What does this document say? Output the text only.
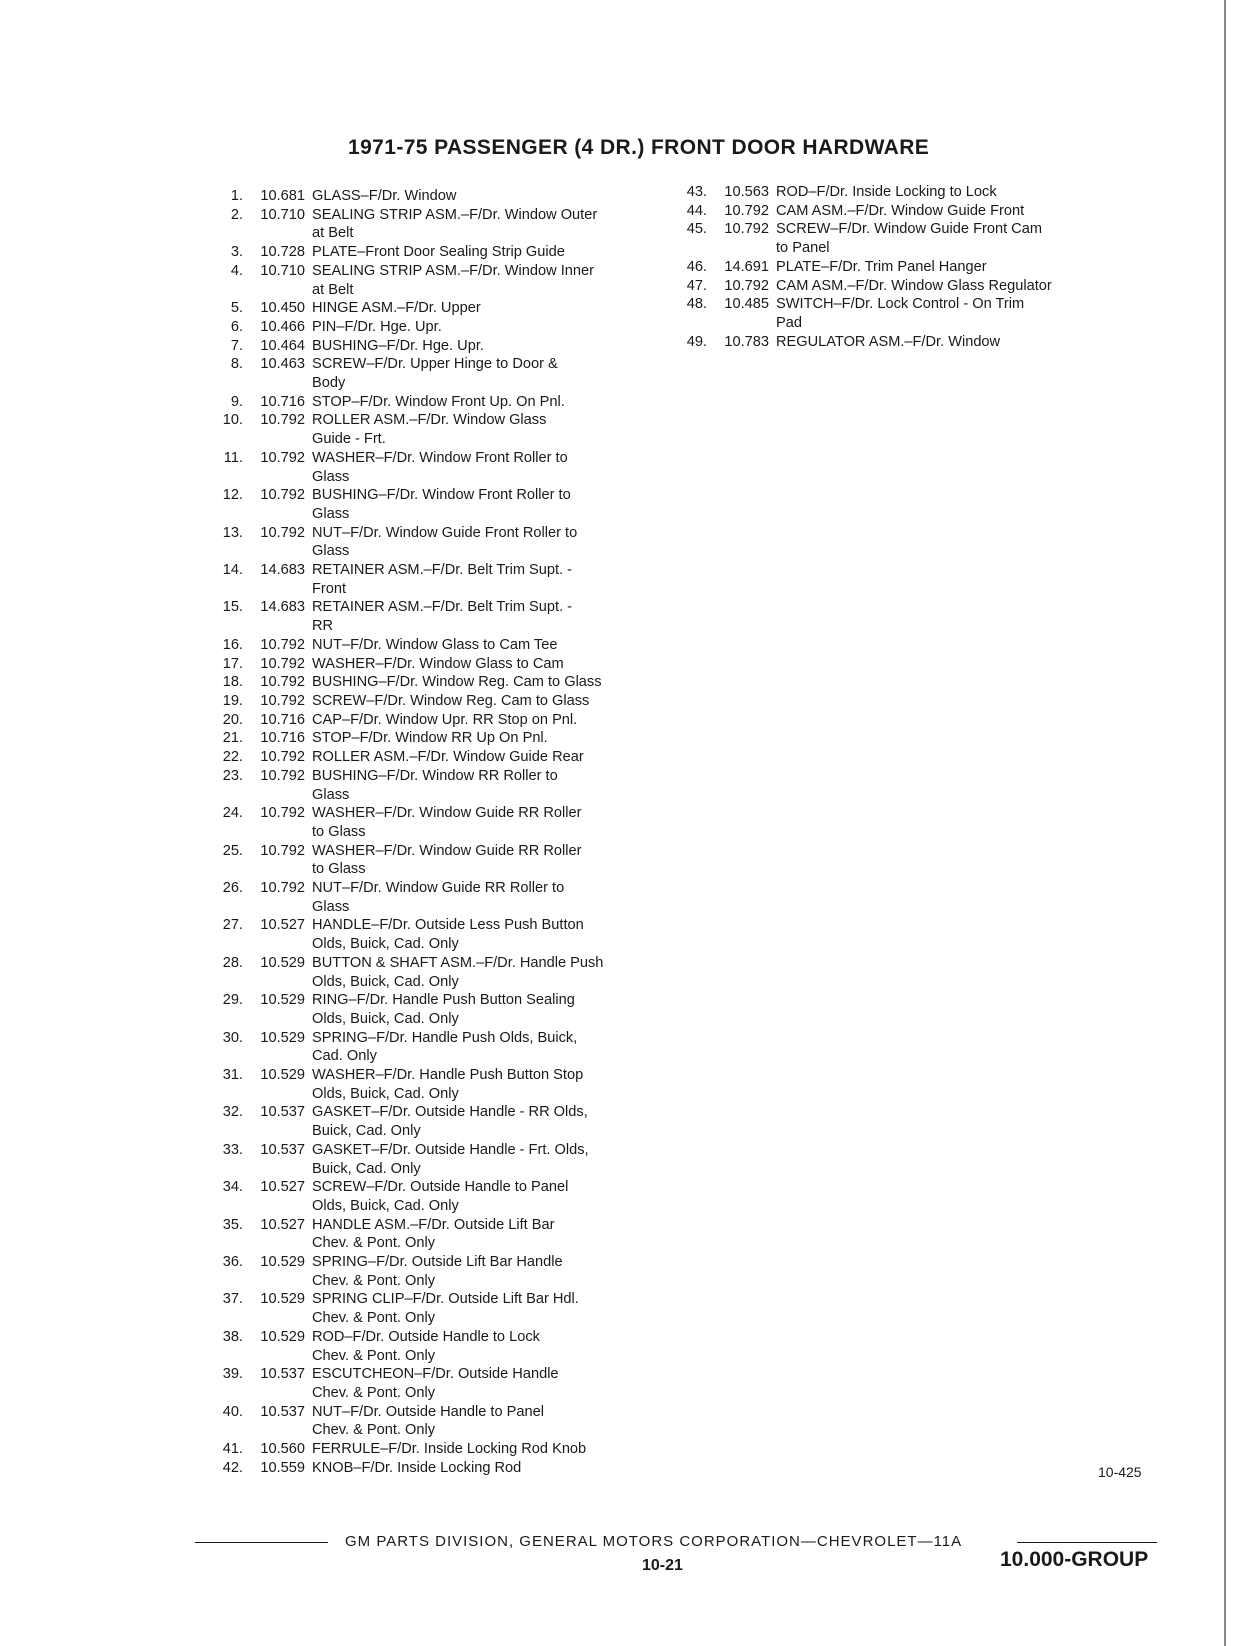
1971-75 PASSENGER (4 DR.) FRONT DOOR HARDWARE
1.	10.681 GLASS–F/Dr. Window
2.	10.710 SEALING STRIP ASM.–F/Dr. Window Outer
at Belt
3.	10.728 PLATE–Front Door Sealing Strip Guide
4.	10.710 SEALING STRIP ASM.–F/Dr. Window Inner
at Belt
5.	10.450 HINGE ASM.–F/Dr. Upper
6.	10.466 PIN–F/Dr. Hge. Upr.
7.	10.464 BUSHING–F/Dr. Hge. Upr.
8.	10.463 SCREW–F/Dr. Upper Hinge to Door &
Body
9.	10.716 STOP–F/Dr. Window Front Up. On Pnl.
10.	10.792 ROLLER ASM.–F/Dr. Window Glass
Guide - Frt.
11.	10.792 WASHER–F/Dr. Window Front Roller to
Glass
12.	10.792 BUSHING–F/Dr. Window Front Roller to
Glass
13.	10.792 NUT–F/Dr. Window Guide Front Roller to
Glass
14.	14.683 RETAINER ASM.–F/Dr. Belt Trim Supt. -
Front
15.	14.683 RETAINER ASM.–F/Dr. Belt Trim Supt. -
RR
16.	10.792 NUT–F/Dr. Window Glass to Cam Tee
17.	10.792 WASHER–F/Dr. Window Glass to Cam
18.	10.792 BUSHING–F/Dr. Window Reg. Cam to Glass
19.	10.792 SCREW–F/Dr. Window Reg. Cam to Glass
20.	10.716 CAP–F/Dr. Window Upr. RR Stop on Pnl.
21.	10.716 STOP–F/Dr. Window RR Up On Pnl.
22.	10.792 ROLLER ASM.–F/Dr. Window Guide Rear
23.	10.792 BUSHING–F/Dr. Window RR Roller to
Glass
24.	10.792 WASHER–F/Dr. Window Guide RR Roller
to Glass
25.	10.792 WASHER–F/Dr. Window Guide RR Roller
to Glass
26.	10.792 NUT–F/Dr. Window Guide RR Roller to
Glass
27.	10.527 HANDLE–F/Dr. Outside Less Push Button
Olds, Buick, Cad. Only
28.	10.529 BUTTON & SHAFT ASM.–F/Dr. Handle Push
Olds, Buick, Cad. Only
29.	10.529 RING–F/Dr. Handle Push Button Sealing
Olds, Buick, Cad. Only
30.	10.529 SPRING–F/Dr. Handle Push Olds, Buick,
Cad. Only
31.	10.529 WASHER–F/Dr. Handle Push Button Stop
Olds, Buick, Cad. Only
32.	10.537 GASKET–F/Dr. Outside Handle - RR Olds,
Buick, Cad. Only
33.	10.537 GASKET–F/Dr. Outside Handle - Frt. Olds,
Buick, Cad. Only
34.	10.527 SCREW–F/Dr. Outside Handle to Panel
Olds, Buick, Cad. Only
35.	10.527 HANDLE ASM.–F/Dr. Outside Lift Bar
Chev. & Pont. Only
36.	10.529 SPRING–F/Dr. Outside Lift Bar Handle
Chev. & Pont. Only
37.	10.529 SPRING CLIP–F/Dr. Outside Lift Bar Hdl.
Chev. & Pont. Only
38.	10.529 ROD–F/Dr. Outside Handle to Lock
Chev. & Pont. Only
39.	10.537 ESCUTCHEON–F/Dr. Outside Handle
Chev. & Pont. Only
40.	10.537 NUT–F/Dr. Outside Handle to Panel
Chev. & Pont. Only
41.	10.560 FERRULE–F/Dr. Inside Locking Rod Knob
42.	10.559 KNOB–F/Dr. Inside Locking Rod
43.	10.563 ROD–F/Dr. Inside Locking to Lock
44.	10.792 CAM ASM.–F/Dr. Window Guide Front
45.	10.792 SCREW–F/Dr. Window Guide Front Cam
to Panel
46.	14.691 PLATE–F/Dr. Trim Panel Hanger
47.	10.792 CAM ASM.–F/Dr. Window Glass Regulator
48.	10.485 SWITCH–F/Dr. Lock Control - On Trim
Pad
49.	10.783 REGULATOR ASM.–F/Dr. Window
10-425
GM PARTS DIVISION, GENERAL MOTORS CORPORATION—CHEVROLET—11A
10-21	10.000-GROUP
